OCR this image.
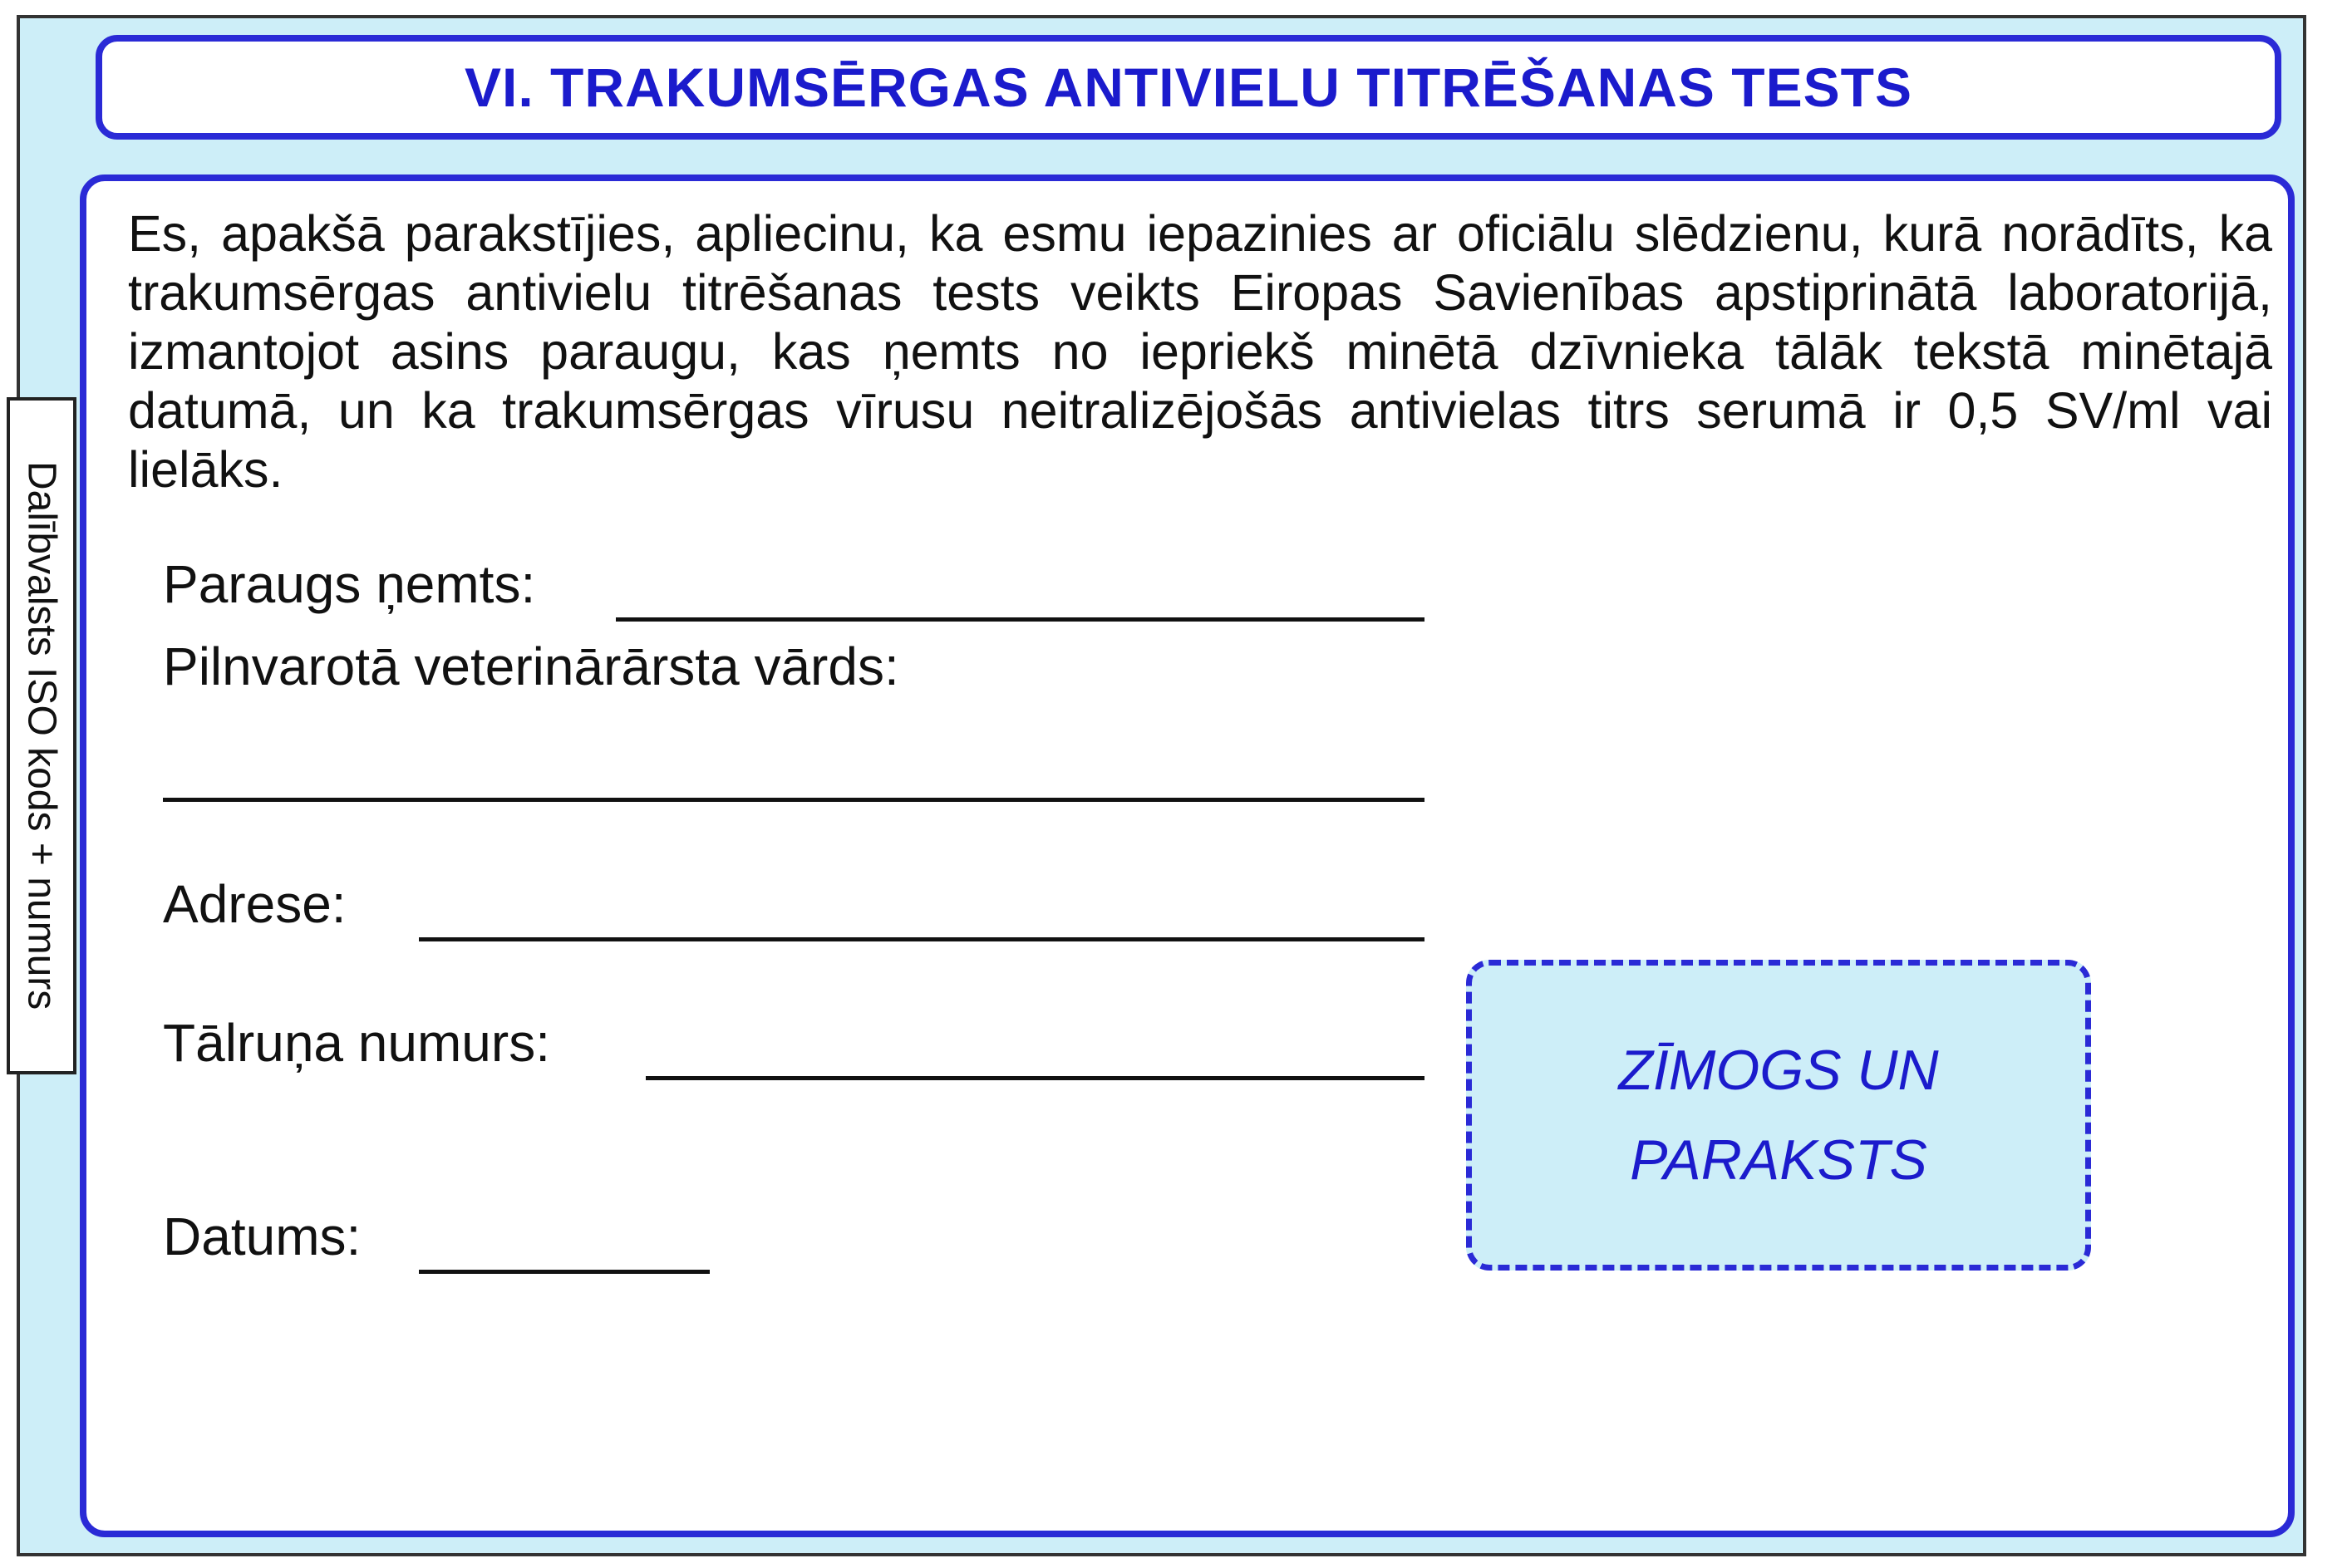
VI. TRAKUMSĒRGAS ANTIVIELU TITRĒŠANAS TESTS
Dalībvalsts ISO kods + numurs
Es, apakšā parakstījies, apliecinu, ka esmu iepazinies ar oficiālu slēdzienu, kurā norādīts, ka trakumsērgas antivielu titrēšanas tests veikts Eiropas Savienības apstiprinātā laboratorijā, izmantojot asins paraugu, kas ņemts no iepriekš minētā dzīvnieka tālāk tekstā minētajā datumā, un ka trakumsērgas vīrusu neitralizējošās antivielas titrs serumā ir 0,5 SV/ml vai lielāks.
Paraugs ņemts:
Pilnvarotā veterinārārsta vārds:
Adrese:
Tālruņa numurs:
Datums:
ZĪMOGS UN
PARAKSTS
